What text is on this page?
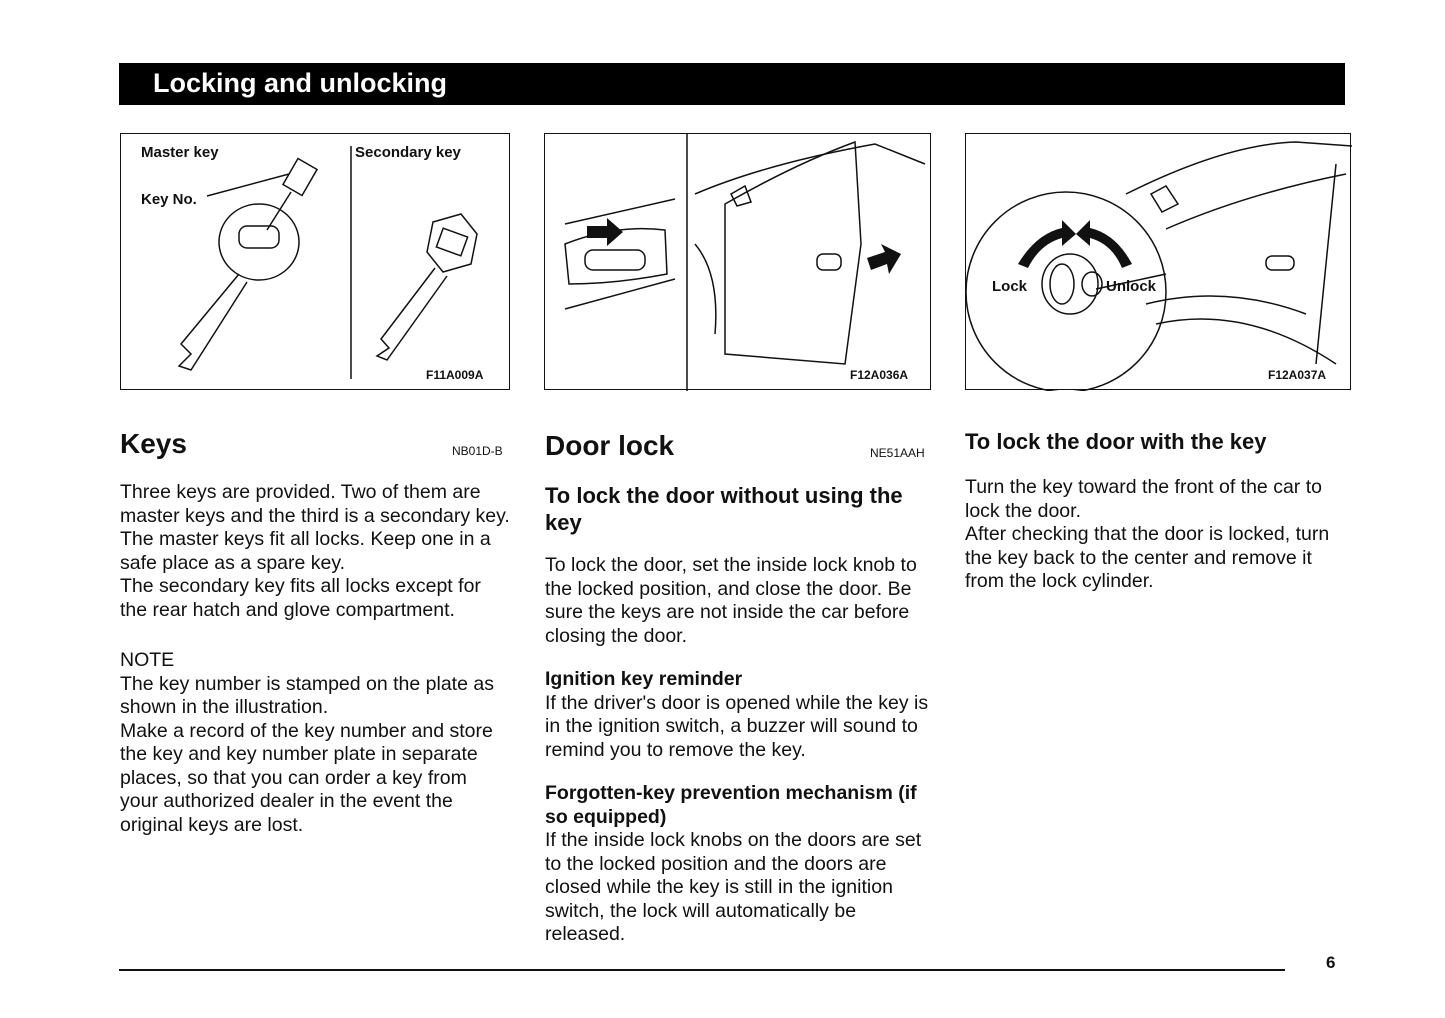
Locking and unlocking
Master key
Key No.
Secondary key
F11A009A	F12A036A
Lock	Unlock
F12A037A
Keys	NB01D-B

Three keys are provided. Two of them are master keys and the third is a secondary key.

The master keys fit all locks. Keep one in a safe place as a spare key.

The secondary key fits all locks except for the rear hatch and glove compartment.

NOTE

The key number is stamped on the plate as shown in the illustration.

Make a record of the key number and store the key and key number plate in separate places, so that you can order a key from your authorized dealer in the event the original keys are lost.

Door lock	NE51AAH

To lock the door without using the key

To lock the door, set the inside lock knob to the locked position, and close the door. Be sure the keys are not inside the car before closing the door.

Ignition key reminder

If the driver's door is opened while the key is in the ignition switch, a buzzer will sound to remind you to remove the key.

Forgotten-key prevention mechanism (if so equipped)

If the inside lock knobs on the doors are set to the locked position and the doors are closed while the key is still in the ignition switch, the lock will automatically be released.

To lock the door with the key

Turn the key toward the front of the car to lock the door.

After checking that the door is locked, turn the key back to the center and remove it from the lock cylinder.

6
